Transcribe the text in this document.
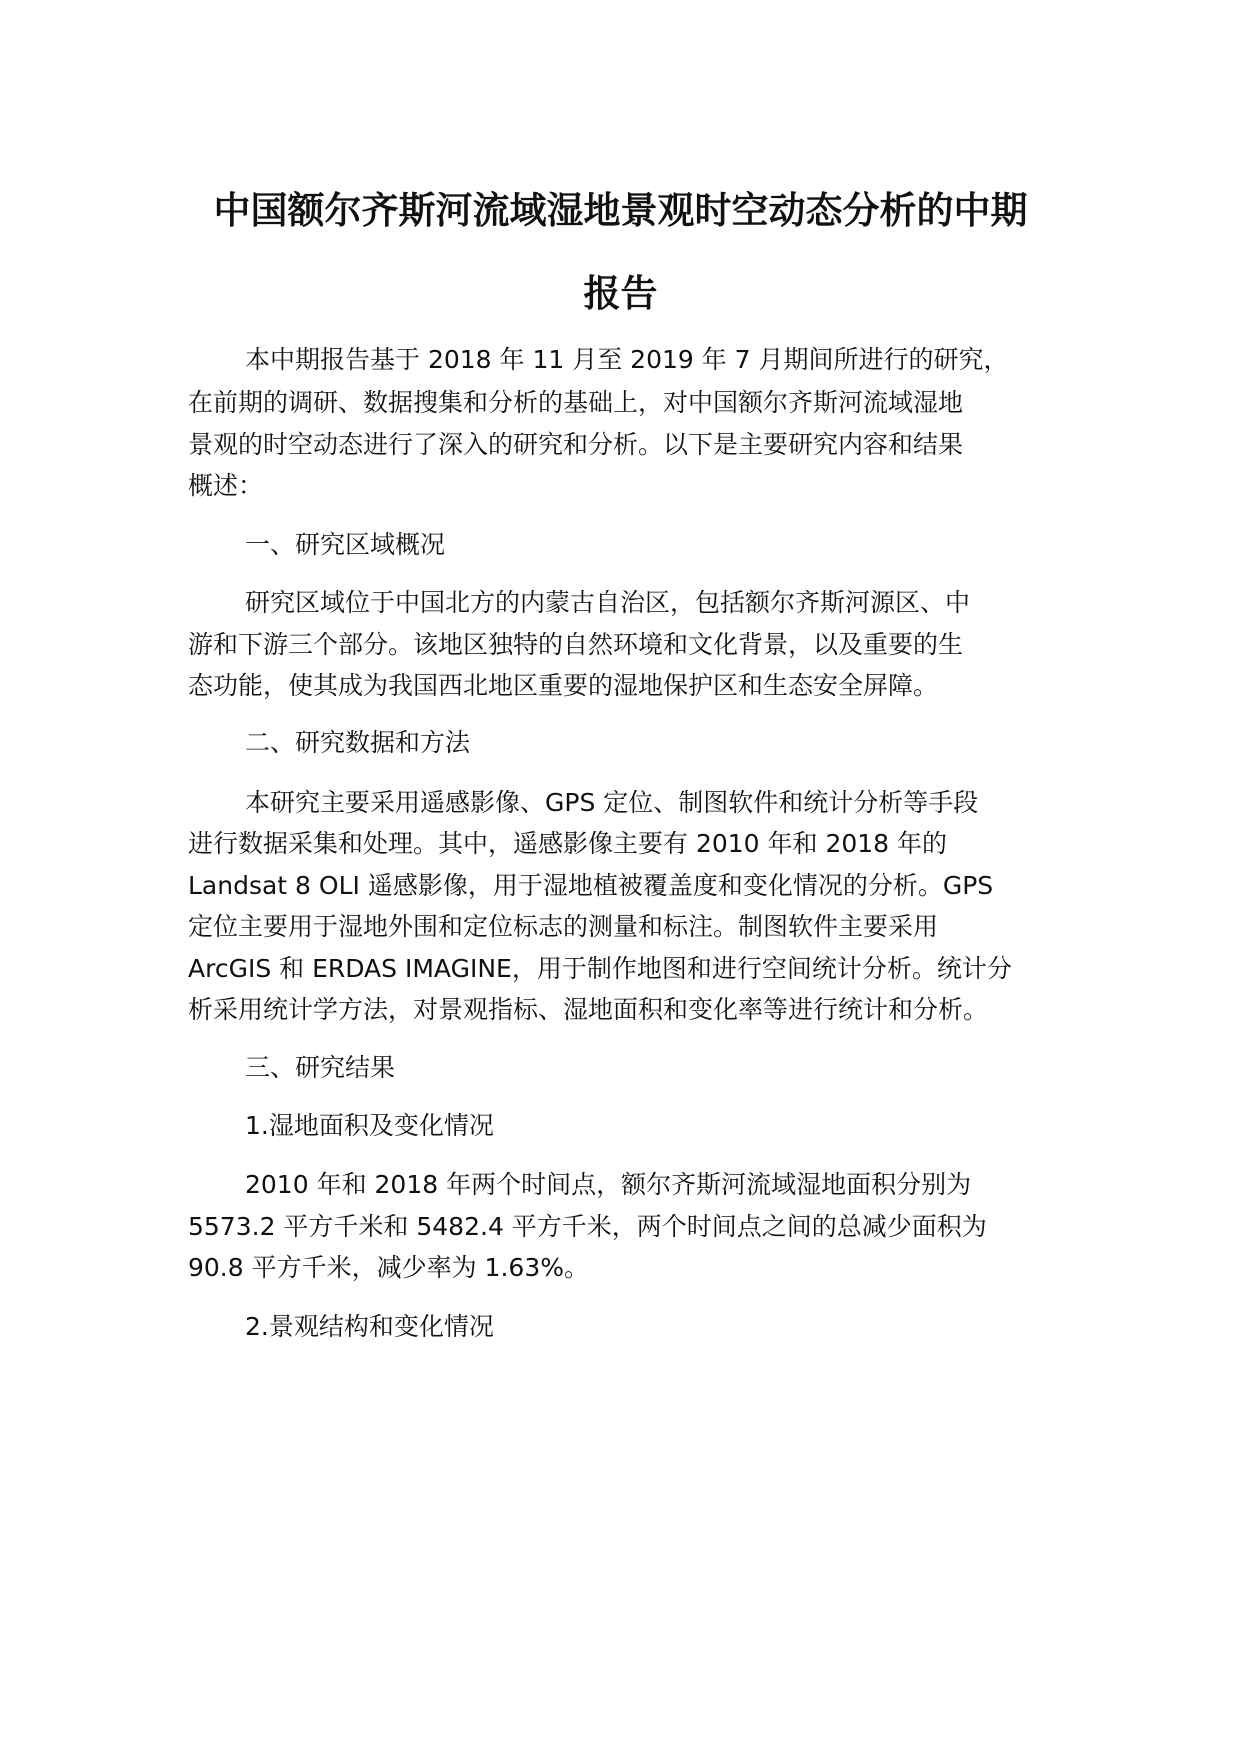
中国额尔齐斯河流域湿地景观时空动态分析的中期
报告

本中期报告基于 2018 年 11 月至 2019 年 7 月期间所进行的研究，

在前期的调研、数据搜集和分析的基础上，对中国额尔齐斯河流域湿地

景观的时空动态进行了深入的研究和分析。以下是主要研究内容和结果

概述：

一、研究区域概况

研究区域位于中国北方的内蒙古自治区，包括额尔齐斯河源区、中

游和下游三个部分。该地区独特的自然环境和文化背景，以及重要的生

态功能，使其成为我国西北地区重要的湿地保护区和生态安全屏障。

二、研究数据和方法

本研究主要采用遥感影像、GPS 定位、制图软件和统计分析等手段

进行数据采集和处理。其中，遥感影像主要有 2010 年和 2018 年的

Landsat 8 OLI 遥感影像，用于湿地植被覆盖度和变化情况的分析。GPS

定位主要用于湿地外围和定位标志的测量和标注。制图软件主要采用

ArcGIS 和 ERDAS IMAGINE，用于制作地图和进行空间统计分析。统计分

析采用统计学方法，对景观指标、湿地面积和变化率等进行统计和分析。

三、研究结果

1.湿地面积及变化情况

2010 年和 2018 年两个时间点，额尔齐斯河流域湿地面积分别为

5573.2 平方千米和 5482.4 平方千米，两个时间点之间的总减少面积为

90.8 平方千米，减少率为 1.63%。

2.景观结构和变化情况
